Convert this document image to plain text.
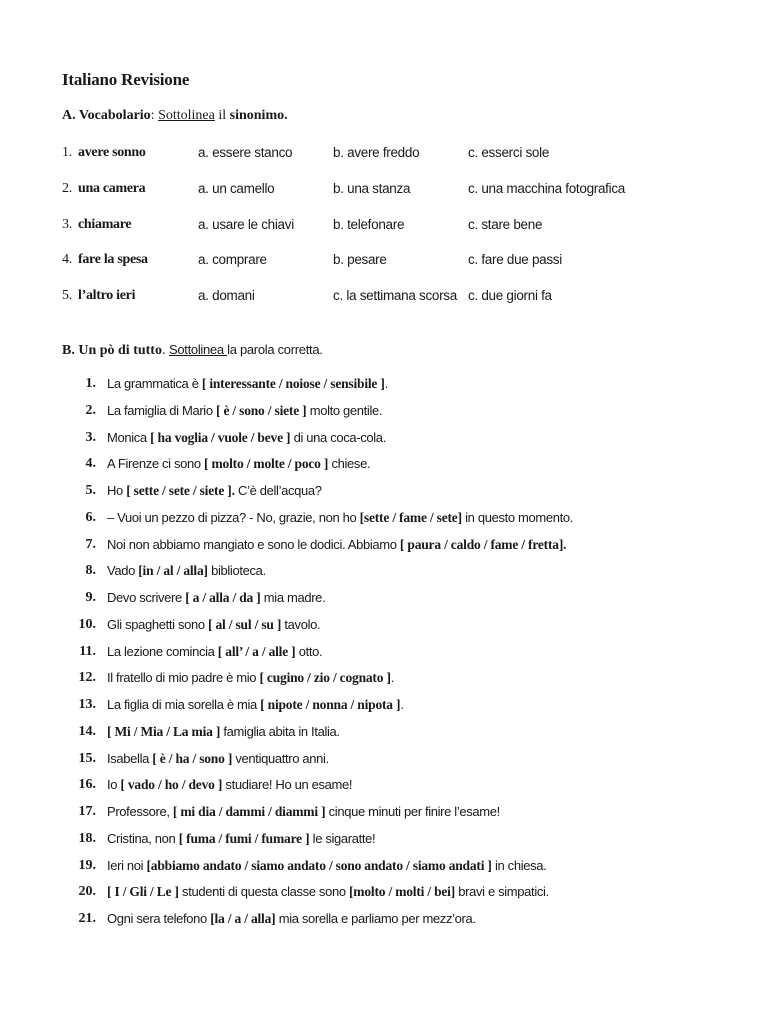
Italiano Revisione
A. Vocabolario: Sottolinea il sinonimo.
1. avere sonno	a. essere stanco	b. avere freddo	c. esserci sole
2. una camera	a. un camello	b. una stanza	c. una macchina fotografica
3. chiamare	a. usare le chiavi	b. telefonare	c. stare bene
4. fare la spesa	a. comprare	b. pesare	c. fare due passi
5. l’altro ieri	a. domani	c. la settimana scorsa c. due giorni fa
B. Un pò di tutto. Sottolinea la parola corretta.
1. La grammatica è [ interessante / noiose / sensibile ].
2. La famiglia di Mario [ è / sono / siete ] molto gentile.
3. Monica [ ha voglia / vuole / beve ] di una coca-cola.
4. A Firenze ci sono [ molto / molte / poco ] chiese.
5. Ho [ sette / sete / siete ]. C’è dell’acqua?
6. – Vuoi un pezzo di pizza? - No, grazie, non ho [sette / fame / sete] in questo momento.
7. Noi non abbiamo mangiato e sono le dodici. Abbiamo [ paura / caldo / fame / fretta].
8. Vado [in / al / alla] biblioteca.
9. Devo scrivere [ a / alla / da ] mia madre.
10. Gli spaghetti sono [ al / sul / su ] tavolo.
11. La lezione comincia [ all’ / a / alle ] otto.
12. Il fratello di mio padre è mio [ cugino / zio / cognato ].
13. La figlia di mia sorella è mia [ nipote / nonna / nipota ].
14. [ Mi / Mia / La mia ] famiglia abita in Italia.
15. Isabella [ è / ha / sono ] ventiquattro anni.
16. Io [ vado / ho / devo ] studiare! Ho un esame!
17. Professore, [ mi dia / dammi / diammi ] cinque minuti per finire l’esame!
18. Cristina, non [ fuma / fumi / fumare ] le sigaratte!
19. Ieri noi [abbiamo andato / siamo andato / sono andato / siamo andati ] in chiesa.
20. [ I / Gli / Le ] studenti di questa classe sono [molto / molti / bei] bravi e simpatici.
21. Ogni sera telefono [la / a / alla] mia sorella e parliamo per mezz’ora.
